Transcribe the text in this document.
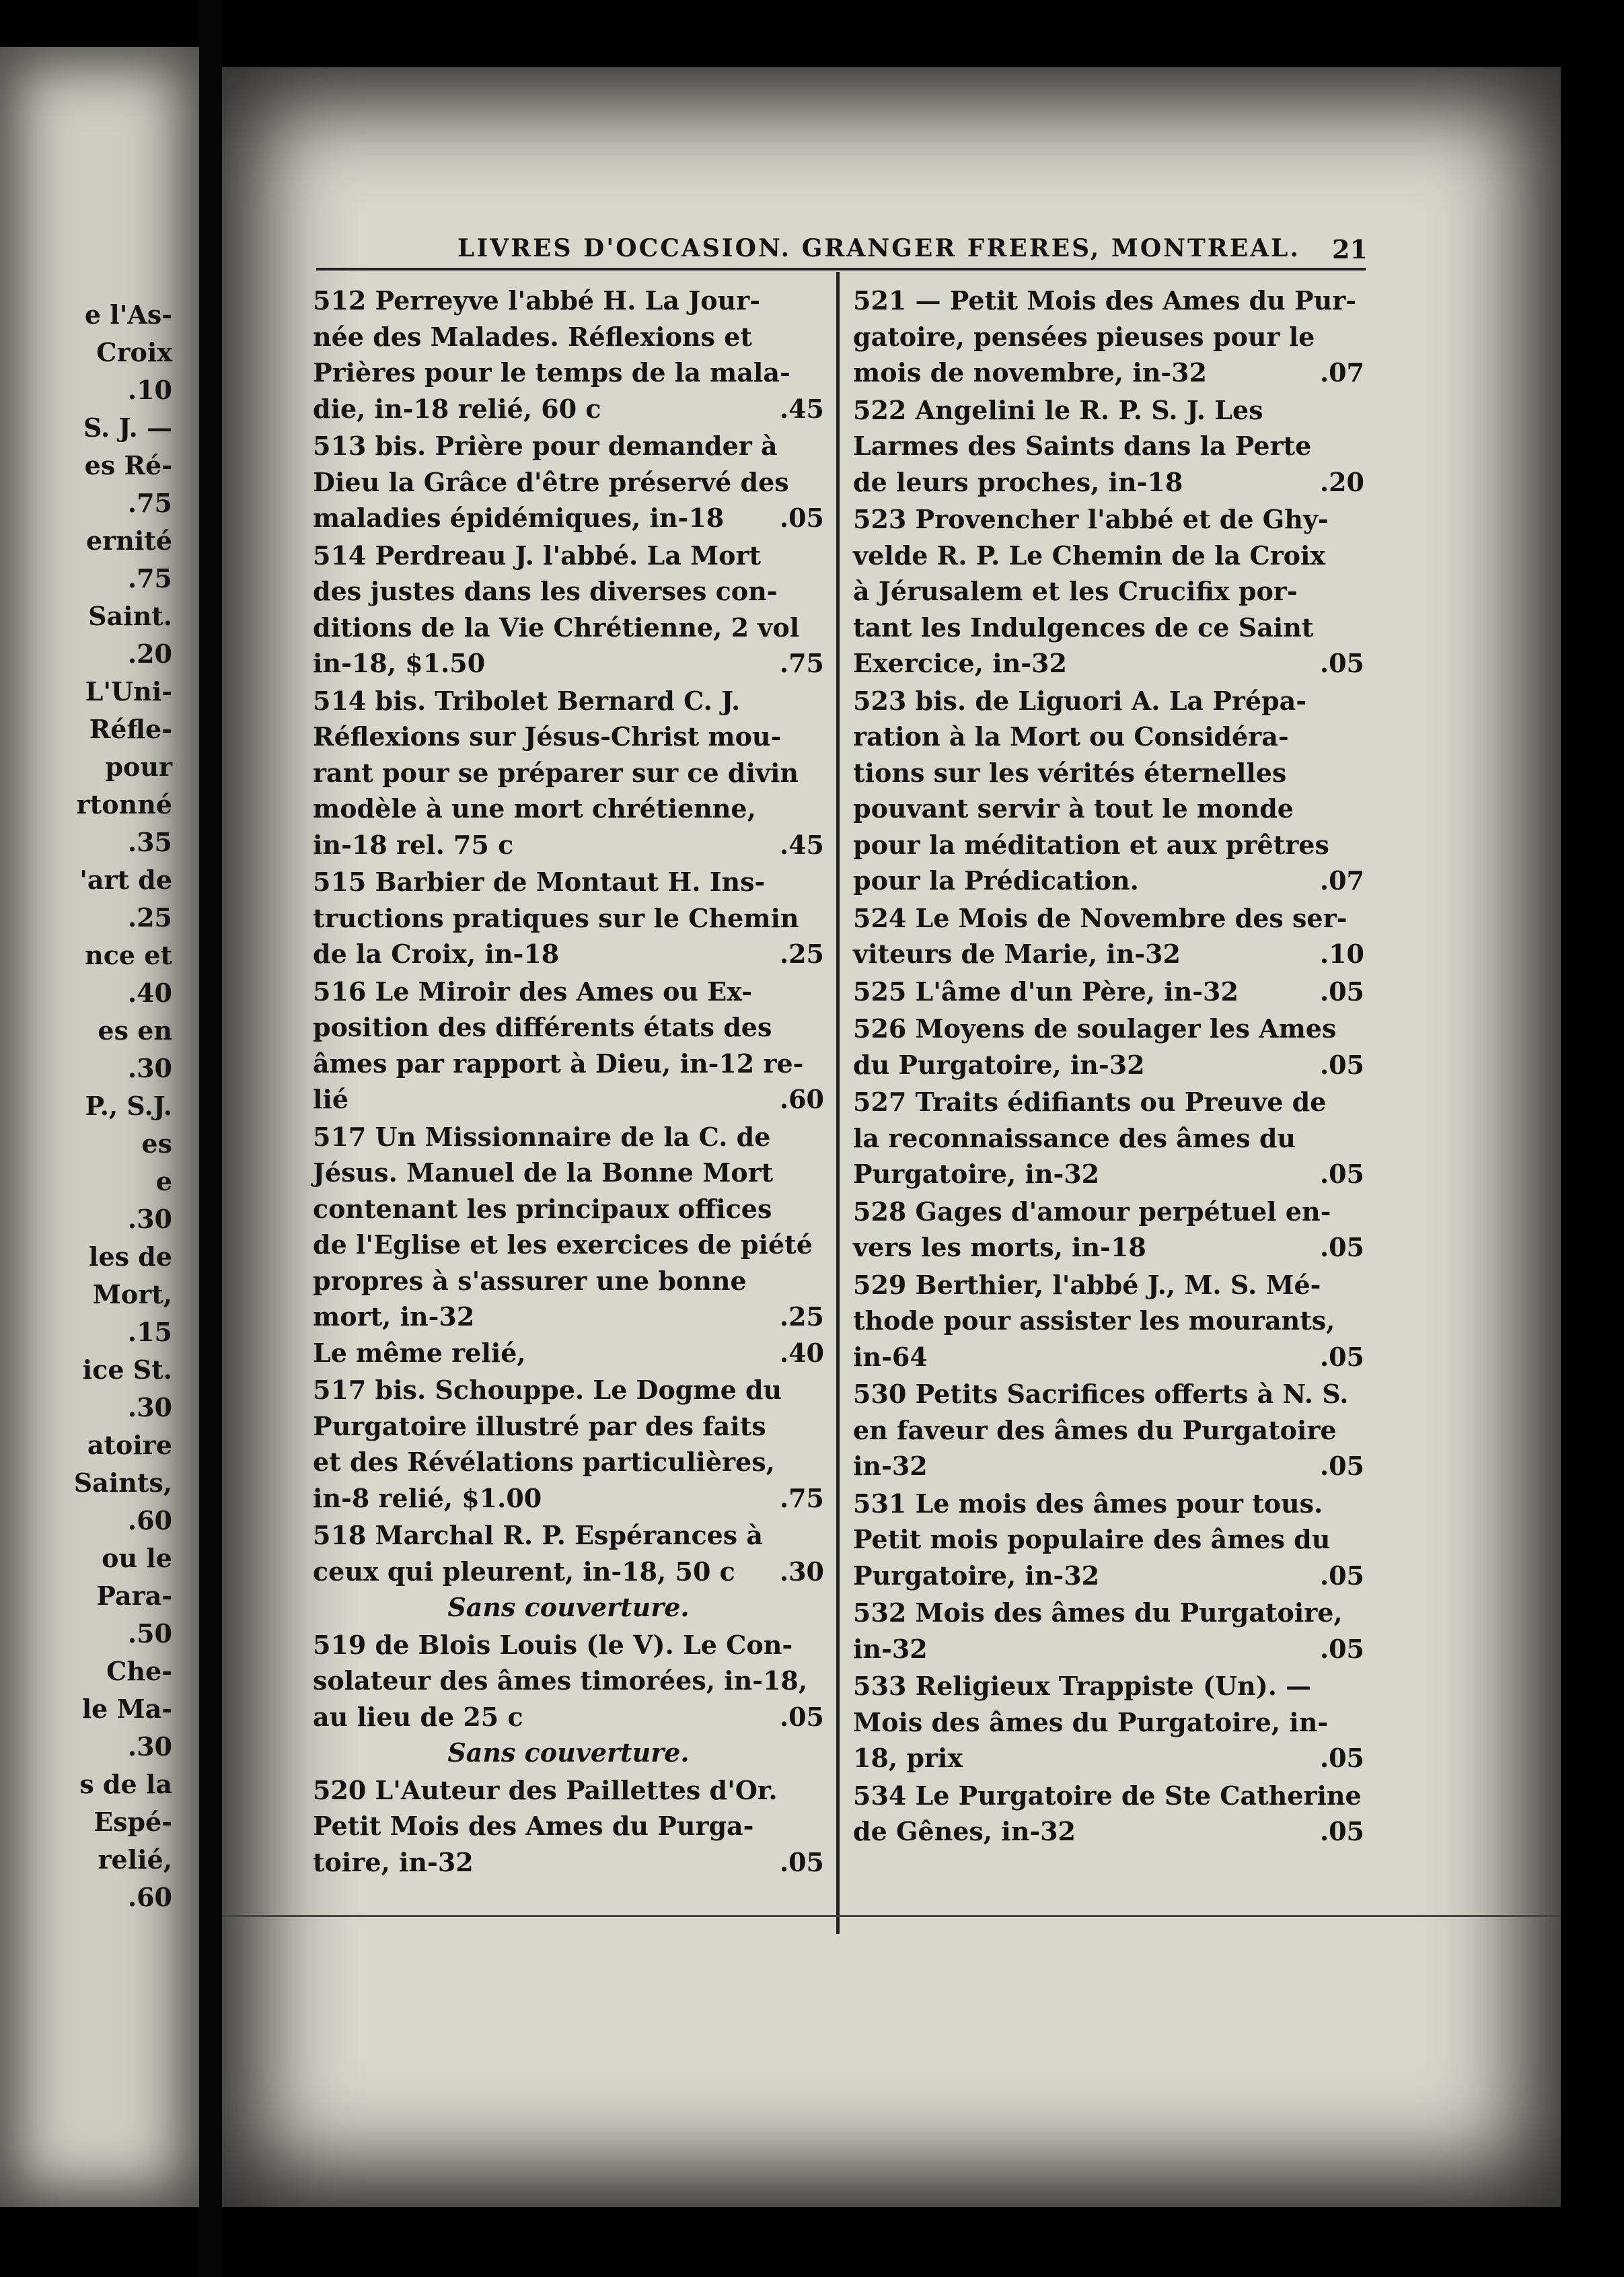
e l'As-
Croix
.10
S. J. —
es Ré-
.75
ernité
.75
Saint.
.20
L'Uni-
Réfle-
pour
rtonné
.35
'art de
.25
nce et
.40
es en
.30
P., S.J.
es
e
.30
les de
Mort,
.15
ice St.
.30
atoire
Saints,
.60
ou le
Para-
.50
Che-
le Ma-
.30
s de la
Espé-
relié,
.60
LIVRES D'OCCASION. GRANGER FRERES, MONTREAL. 21
512 Perreyve l'abbé H. La Jour-
née des Malades. Réflexions et
Prières pour le temps de la mala-
die, in-18 relié, 60 c	.45
513 bis. Prière pour demander à
Dieu la Grâce d'être préservé des
maladies épidémiques, in-18 .05
514 Perdreau J. l'abbé. La Mort
des justes dans les diverses con-
ditions de la Vie Chrétienne, 2 vol
in-18, $1.50	.75
514 bis. Tribolet Bernard C. J.
Réflexions sur Jésus-Christ mou-
rant pour se préparer sur ce divin
modèle à une mort chrétienne,
in-18 rel. 75 c	.45
515 Barbier de Montaut H. Ins-
tructions pratiques sur le Chemin
de la Croix, in-18	.25
516 Le Miroir des Ames ou Ex-
position des différents états des
âmes par rapport à Dieu, in-12 re-
lié	.60
517 Un Missionnaire de la C. de
Jésus. Manuel de la Bonne Mort
contenant les principaux offices
de l'Eglise et les exercices de piété
propres à s'assurer une bonne
mort, in-32	.25
Le même relié,	.40
517 bis. Schouppe. Le Dogme du
Purgatoire illustré par des faits
et des Révélations particulières,
in-8 relié, $1.00	.75
518 Marchal R. P. Espérances à
ceux qui pleurent, in-18, 50 c .30
Sans couverture.
519 de Blois Louis (le V). Le Con-
solateur des âmes timorées, in-18,
au lieu de 25 c	.05
Sans couverture.
520 L'Auteur des Paillettes d'Or.
Petit Mois des Ames du Purga-
toire, in-32	.05
521 — Petit Mois des Ames du Pur-
gatoire, pensées pieuses pour le
mois de novembre, in-32	.07
522 Angelini le R. P. S. J. Les
Larmes des Saints dans la Perte
de leurs proches, in-18	.20
523 Provencher l'abbé et de Ghy-
velde R. P. Le Chemin de la Croix
à Jérusalem et les Crucifix por-
tant les Indulgences de ce Saint
Exercice, in-32	.05
523 bis. de Liguori A. La Prépa-
ration à la Mort ou Considéra-
tions sur les vérités éternelles
pouvant servir à tout le monde
pour la méditation et aux prêtres
pour la Prédication.	.07
524 Le Mois de Novembre des ser-
viteurs de Marie, in-32	.10
525 L'âme d'un Père, in-32	.05
526 Moyens de soulager les Ames
du Purgatoire, in-32	.05
527 Traits édifiants ou Preuve de
la reconnaissance des âmes du
Purgatoire, in-32	.05
528 Gages d'amour perpétuel en-
vers les morts, in-18	.05
529 Berthier, l'abbé J., M. S. Mé-
thode pour assister les mourants,
in-64	.05
530 Petits Sacrifices offerts à N. S.
en faveur des âmes du Purgatoire
in-32	.05
531 Le mois des âmes pour tous.
Petit mois populaire des âmes du
Purgatoire, in-32	.05
532 Mois des âmes du Purgatoire,
in-32	.05
533 Religieux Trappiste (Un). —
Mois des âmes du Purgatoire, in-
18, prix	.05
534 Le Purgatoire de Ste Catherine
de Gênes, in-32	.05
